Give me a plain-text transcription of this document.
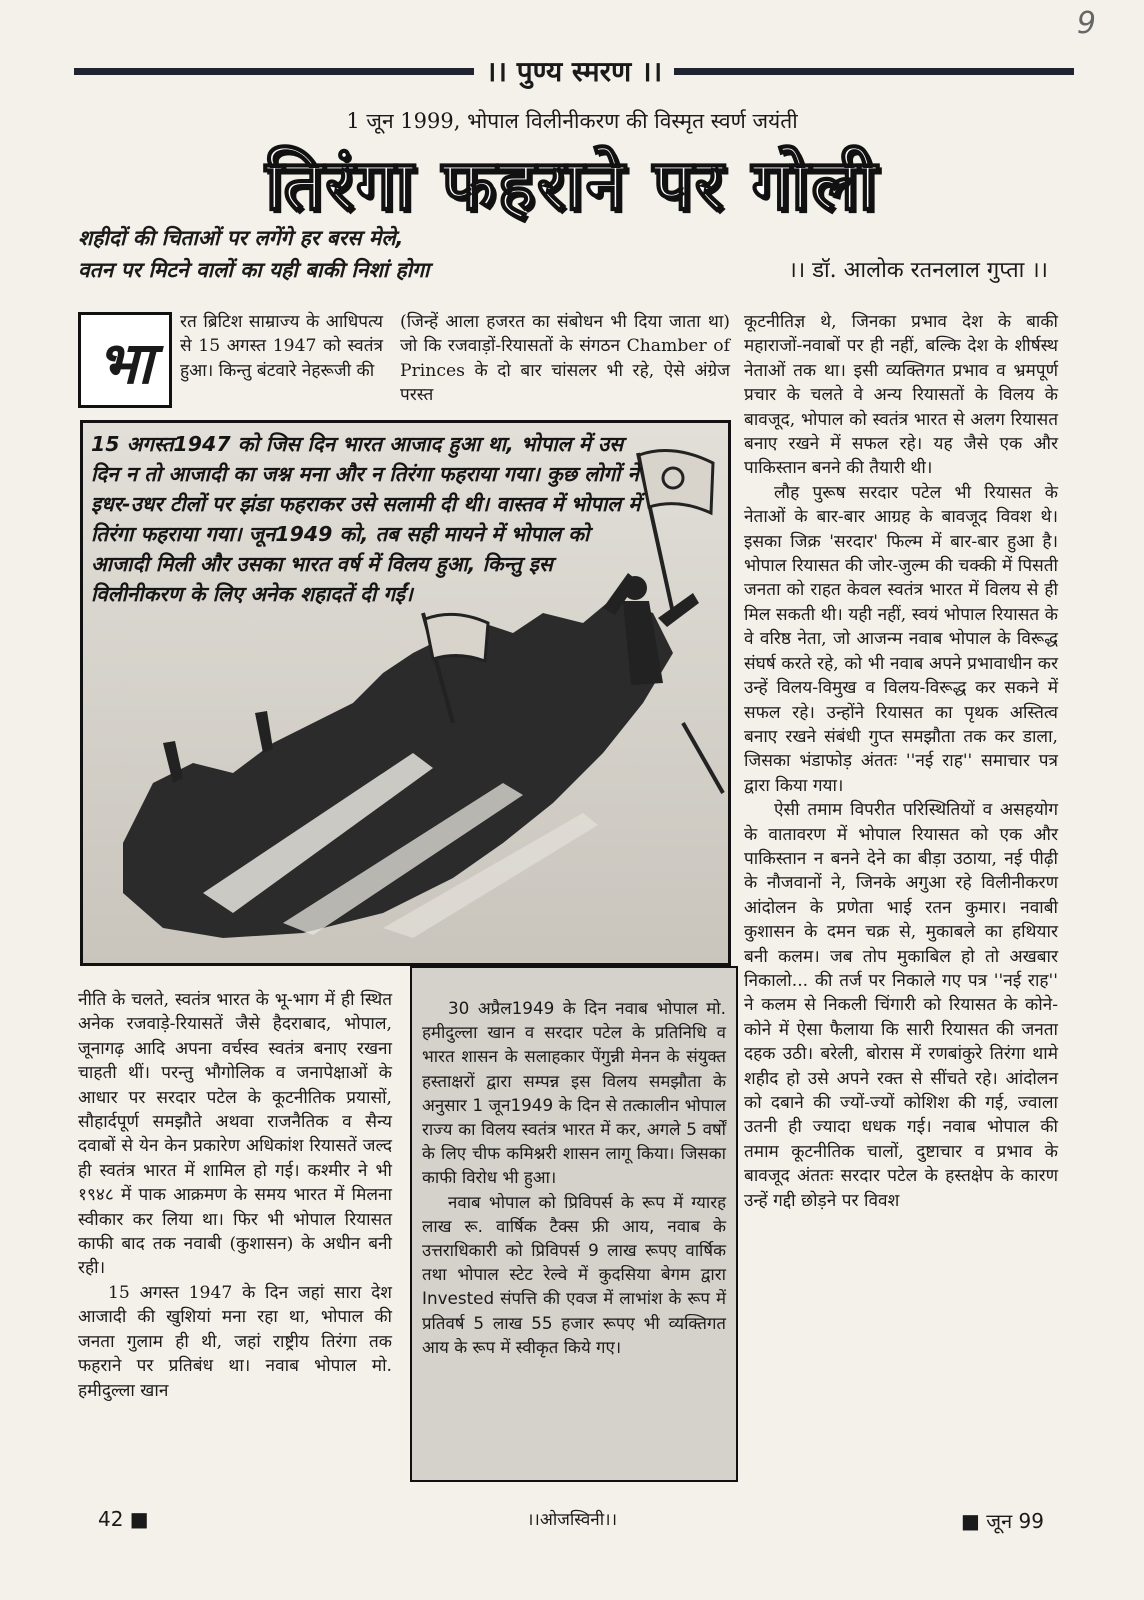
9
।। पुण्य स्मरण ।।
1 जून 1999, भोपाल विलीनीकरण की विस्मृत स्वर्ण जयंती
तिरंगा फहराने पर गोली
शहीदों की चिताओं पर लगेंगे हर बरस मेले,
वतन पर मिटने वालों का यही बाकी निशां होगा	।। डॉ. आलोक रतनलाल गुप्ता ।।
भा

रत ब्रिटिश साम्राज्य के आधिपत्य से 15 अगस्त 1947 को स्वतंत्र हुआ। किन्तु बंटवारे नेहरूजी की

(जिन्हें आला हजरत का संबोधन भी दिया जाता था) जो कि रजवाड़ों-रियासतों के संगठन Chamber of Princes के दो बार चांसलर भी रहे, ऐसे अंग्रेज परस्त

15 अगस्त1947 को जिस दिन भारत आजाद हुआ था, भोपाल में उस दिन न तो आजादी का जश्न मना और न तिरंगा फहराया गया। कुछ लोगों ने इधर-उधर टीलों पर झंडा फहराकर उसे सलामी दी थी। वास्तव में भोपाल में तिरंगा फहराया गया। जून1949 को, तब सही मायने में भोपाल को आजादी मिली और उसका भारत वर्ष में विलय हुआ, किन्तु इस विलीनीकरण के लिए अनेक शहादतें दी गईं।

नीति के चलते, स्वतंत्र भारत के भू-भाग में ही स्थित अनेक रजवाड़े-रियासतें जैसे हैदराबाद, भोपाल, जूनागढ़ आदि अपना वर्चस्व स्वतंत्र बनाए रखना चाहती थीं। परन्तु भौगोलिक व जनापेक्षाओं के आधार पर सरदार पटेल के कूटनीतिक प्रयासों, सौहार्दपूर्ण समझौते अथवा राजनैतिक व सैन्य दवाबों से येन केन प्रकारेण अधिकांश रियासतें जल्द ही स्वतंत्र भारत में शामिल हो गई। कश्मीर ने भी १९४८ में पाक आक्रमण के समय भारत में मिलना स्वीकार कर लिया था। फिर भी भोपाल रियासत काफी बाद तक नवाबी (कुशासन) के अधीन बनी रही।

15 अगस्त 1947 के दिन जहां सारा देश आजादी की खुशियां मना रहा था, भोपाल की जनता गुलाम ही थी, जहां राष्ट्रीय तिरंगा तक फहराने पर प्रतिबंध था। नवाब भोपाल मो. हमीदुल्ला खान

30 अप्रैल1949 के दिन नवाब भोपाल मो. हमीदुल्ला खान व सरदार पटेल के प्रतिनिधि व भारत शासन के सलाहकार पेंगुन्नी मेनन के संयुक्त हस्ताक्षरों द्वारा सम्पन्न इस विलय समझौता के अनुसार 1 जून1949 के दिन से तत्कालीन भोपाल राज्य का विलय स्वतंत्र भारत में कर, अगले 5 वर्षों के लिए चीफ कमिश्नरी शासन लागू किया। जिसका काफी विरोध भी हुआ।

नवाब भोपाल को प्रिविपर्स के रूप में ग्यारह लाख रू. वार्षिक टैक्स फ्री आय, नवाब के उत्तराधिकारी को प्रिविपर्स 9 लाख रूपए वार्षिक तथा भोपाल स्टेट रेल्वे में कुदसिया बेगम द्वारा Invested संपत्ति की एवज में लाभांश के रूप में प्रतिवर्ष 5 लाख 55 हजार रूपए भी व्यक्तिगत आय के रूप में स्वीकृत किये गए।

कूटनीतिज्ञ थे, जिनका प्रभाव देश के बाकी महाराजों-नवाबों पर ही नहीं, बल्कि देश के शीर्षस्थ नेताओं तक था। इसी व्यक्तिगत प्रभाव व भ्रमपूर्ण प्रचार के चलते वे अन्य रियासतों के विलय के बावजूद, भोपाल को स्वतंत्र भारत से अलग रियासत बनाए रखने में सफल रहे। यह जैसे एक और पाकिस्तान बनने की तैयारी थी।

लौह पुरूष सरदार पटेल भी रियासत के नेताओं के बार-बार आग्रह के बावजूद विवश थे। इसका जिक्र 'सरदार' फिल्म में बार-बार हुआ है। भोपाल रियासत की जोर-जुल्म की चक्की में पिसती जनता को राहत केवल स्वतंत्र भारत में विलय से ही मिल सकती थी। यही नहीं, स्वयं भोपाल रियासत के वे वरिष्ठ नेता, जो आजन्म नवाब भोपाल के विरूद्ध संघर्ष करते रहे, को भी नवाब अपने प्रभावाधीन कर उन्हें विलय-विमुख व विलय-विरूद्ध कर सकने में सफल रहे। उन्होंने रियासत का पृथक अस्तित्व बनाए रखने संबंधी गुप्त समझौता तक कर डाला, जिसका भंडाफोड़ अंततः ''नई राह'' समाचार पत्र द्वारा किया गया।

ऐसी तमाम विपरीत परिस्थितियों व असहयोग के वातावरण में भोपाल रियासत को एक और पाकिस्तान न बनने देने का बीड़ा उठाया, नई पीढ़ी के नौजवानों ने, जिनके अगुआ रहे विलीनीकरण आंदोलन के प्रणेता भाई रतन कुमार। नवाबी कुशासन के दमन चक्र से, मुकाबले का हथियार बनी कलम। जब तोप मुकाबिल हो तो अखबार निकालो... की तर्ज पर निकाले गए पत्र ''नई राह'' ने कलम से निकली चिंगारी को रियासत के कोने-कोने में ऐसा फैलाया कि सारी रियासत की जनता दहक उठी। बरेली, बोरास में रणबांकुरे तिरंगा थामे शहीद हो उसे अपने रक्त से सींचते रहे। आंदोलन को दबाने की ज्यों-ज्यों कोशिश की गई, ज्वाला उतनी ही ज्यादा धधक गई। नवाब भोपाल की तमाम कूटनीतिक चालों, दुष्टाचार व प्रभाव के बावजूद अंततः सरदार पटेल के हस्तक्षेप के कारण उन्हें गद्दी छोड़ने पर विवश

42 ■	।।ओजस्विनी।।	■ जून 99
